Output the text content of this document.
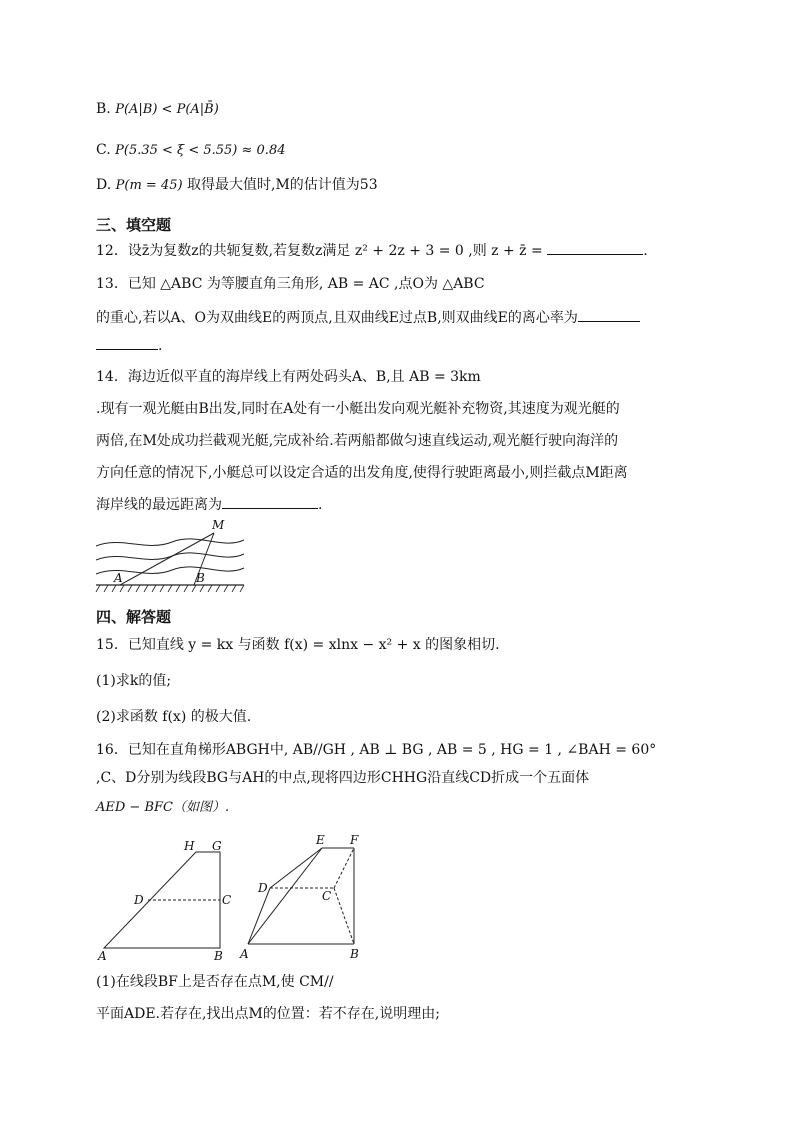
B. P(A|B) < P(A|B̄)
C. P(5.35 < ξ < 5.55) ≈ 0.84
D. P(m = 45) 取得最大值时,M的估计值为53
三、填空题
12．设z̄为复数z的共轭复数,若复数z满足 z² + 2z + 3 = 0 ,则 z + z̄ =	.
13．已知 △ABC 为等腰直角三角形, AB = AC ,点O为 △ABC
的重心,若以A、O为双曲线E的两顶点,且双曲线E过点B,则双曲线E的离心率为
.
14．海边近似平直的海岸线上有两处码头A、B,且 AB = 3km
.现有一观光艇由B出发,同时在A处有一小艇出发向观光艇补充物资,其速度为观光艇的
两倍,在M处成功拦截观光艇,完成补给.若两船都做匀速直线运动,观光艇行驶向海洋的
方向任意的情况下,小艇总可以设定合适的出发角度,使得行驶距离最小,则拦截点M距离
海岸线的最远距离为	.
M
A	B
四、解答题
15．已知直线 y = kx 与函数 f(x) = xlnx − x² + x 的图象相切.
(1)求k的值;
(2)求函数 f(x) 的极大值.
16．已知在直角梯形ABGH中, AB//GH , AB ⊥ BG , AB = 5 , HG = 1 , ∠BAH = 60°
,C、D分别为线段BG与AH的中点,现将四边形CHHG沿直线CD折成一个五面体
AED − BFC（如图）.
H G
D	C
A	B
E F
D
C
A	B
(1)在线段BF上是否存在点M,使 CM//
平面ADE.若存在,找出点M的位置：若不存在,说明理由;
